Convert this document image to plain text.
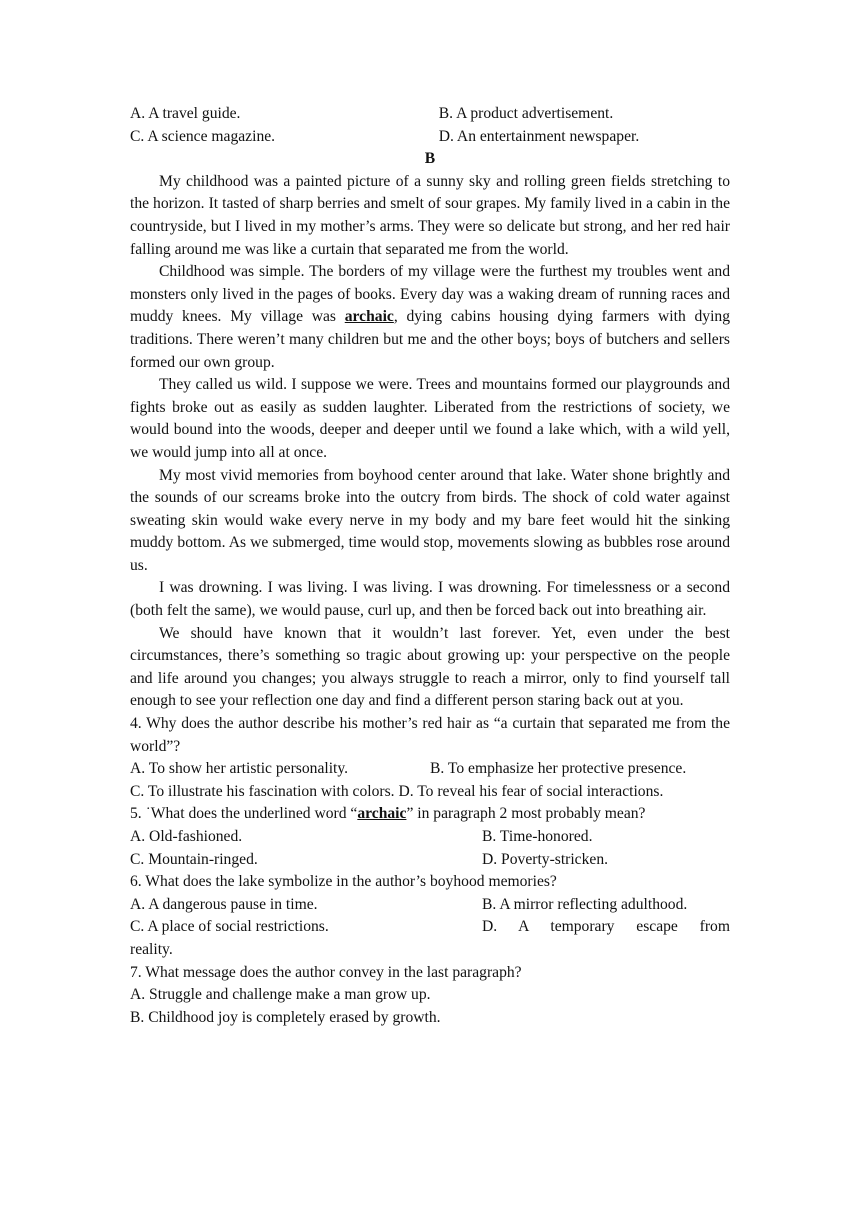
A. A travel guide.	B. A product advertisement.
C. A science magazine.	D. An entertainment newspaper.
B

My childhood was a painted picture of a sunny sky and rolling green fields stretching to the horizon. It tasted of sharp berries and smelt of sour grapes. My family lived in a cabin in the countryside, but I lived in my mother’s arms. They were so delicate but strong, and her red hair falling around me was like a curtain that separated me from the world.

Childhood was simple. The borders of my village were the furthest my troubles went and monsters only lived in the pages of books. Every day was a waking dream of running races and muddy knees. My village was archaic, dying cabins housing dying farmers with dying traditions. There weren’t many children but me and the other boys; boys of butchers and sellers formed our own group.

They called us wild. I suppose we were. Trees and mountains formed our playgrounds and fights broke out as easily as sudden laughter. Liberated from the restrictions of society, we would bound into the woods, deeper and deeper until we found a lake which, with a wild yell, we would jump into all at once.

My most vivid memories from boyhood center around that lake. Water shone brightly and the sounds of our screams broke into the outcry from birds. The shock of cold water against sweating skin would wake every nerve in my body and my bare feet would hit the sinking muddy bottom. As we submerged, time would stop, movements slowing as bubbles rose around us.

I was drowning. I was living. I was living. I was drowning. For timelessness or a second (both felt the same), we would pause, curl up, and then be forced back out into breathing air.

We should have known that it wouldn’t last forever. Yet, even under the best circumstances, there’s something so tragic about growing up: your perspective on the people and life around you changes; you always struggle to reach a mirror, only to find yourself tall enough to see your reflection one day and find a different person staring back out at you.

4. Why does the author describe his mother’s red hair as “a curtain that separated me from the world”?

A. To show her artistic personality.	B. To emphasize her protective presence.
C. To illustrate his fascination with colors.
D. To reveal his fear of social interactions.

5. ˙What does the underlined word “archaic” in paragraph 2 most probably mean?

A. Old-fashioned.	B. Time-honored.
C. Mountain-ringed.	D. Poverty-stricken.

6. What does the lake symbolize in the author’s boyhood memories?

A. A dangerous pause in time.	B. A mirror reflecting adulthood.
C. A place of social restrictions.	D. A temporary escape from
reality.

7. What message does the author convey in the last paragraph?

A. Struggle and challenge make a man grow up.

B. Childhood joy is completely erased by growth.
